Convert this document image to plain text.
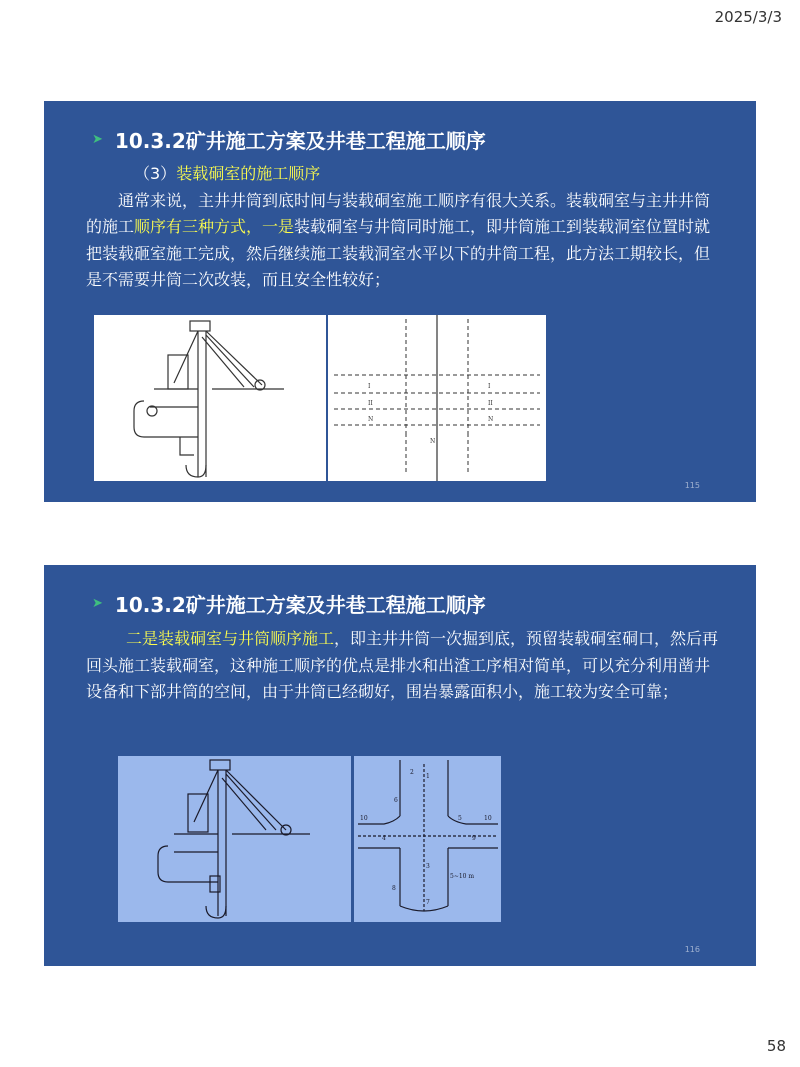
2025/3/3
➤ 10.3.2矿井施工方案及井巷工程施工顺序
（3）装载硐室的施工顺序
通常来说，主井井筒到底时间与装载硐室施工顺序有很大关系。装载硐室与主井井筒的施工顺序有三种方式，一是装载硐室与井筒同时施工，即井筒施工到装载洞室位置时就把装载砸室施工完成，然后继续施工装载洞室水平以下的井筒工程，此方法工期较长，但是不需要井筒二次改装，而且安全性较好；
I
II
N
I
II
N
N
115
➤ 10.3.2矿井施工方案及井巷工程施工顺序
二是装载硐室与井筒顺序施工，即主井井筒一次掘到底，预留装载硐室硐口，然后再回头施工装载硐室，这种施工顺序的优点是排水和出渣工序相对简单，可以充分利用凿井设备和下部井筒的空间，由于井筒已经砌好，围岩暴露面积小，施工较为安全可靠；
1
2
6
10
4
5
9
10
3
8
7
5~10 m
116
58
